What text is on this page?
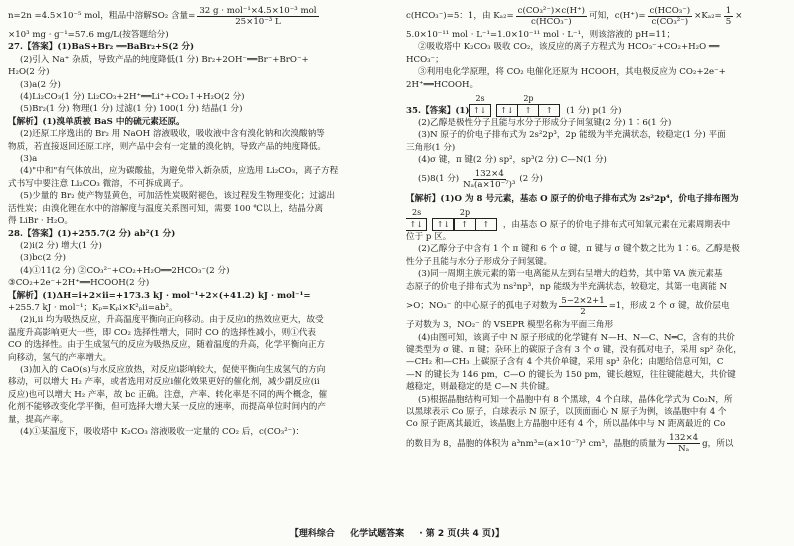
n =2n =4.5×10⁻⁵ mol，粗品中溶解SO₂ 含量= $\frac{\text{32 g · mol⁻¹×4.5×10⁻³ mol}}{\text{25×10⁻³ L}}$
×10³ mg · g⁻¹=57.6 mg/L(按答题给分)
27.【答案】(1)BaS+Br₂ ══BaBr₂+S(2 分)
(2)引入 Na⁺ 杂质，导致产品的纯度降低(1 分) Br₂+2OH⁻══Br⁻+BrO⁻+
H₂O(2 分)
(3)a(2 分)
(4)Li₂CO₃(1 分) Li₂CO₃+2H⁺══Li⁺+CO₂↑+H₂O(2 分)
(5)Br₂(1 分) 物理(1 分) 过滤(1 分) 100(1 分) 结晶(1 分)
【解析】(1)溴单质被 BaS 中的硫元素还原。
(2)还原工序逸出的 Br₂ 用 NaOH 溶液吸收，吸收液中含有溴化钠和次溴酸钠等
物质，若直接返回还原工序，则产品中会有一定量的溴化钠，导致产品的纯度降低。
(3)a
(4)"中和"有气体放出，应为碳酸盐，为避免带入新杂质，应选用 Li₂CO₃，离子方程
式书写中要注意 Li₂CO₃ 微溶，不可拆成离子。
(5)少量的 Br₂ 使产物显黄色，可加活性炭吸附褪色，该过程发生物理变化；过滤出
活性炭；由溴化锂在水中的溶解度与温度关系图可知，需要 100 ℃以上，结晶分离
得 LiBr · H₂O。
28.【答案】(1)+255.7(2 分) ab²(1 分)
(2)ⅰ(2 分) 增大(1 分)
(3)bc(2 分)
(4)①11(2 分) ②CO₃²⁻+CO₂+H₂O══2HCO₃⁻(2 分)
③CO₂+2e⁻+2H⁺══HCOOH(2 分)
【解析】(1)ΔH=ⅰ+2×ⅱ=+173.3 kJ · mol⁻¹+2×(+41.2) kJ · mol⁻¹=
+255.7 kJ · mol⁻¹；Kₚ=Kₚⅰ×K²ₚⅱ=ab²。
(2)ⅰ,ⅱ 均为吸热反应，升高温度平衡向正向移动。由于反应ⅰ的热效应更大，故受
温度升高影响更大一些，即 CO₂ 选择性增大，同时 CO 的选择性减小，则①代表
CO 的选择性。由于生成氢气的反应为吸热反应，随着温度的升高，化学平衡向正方
向移动，氢气的产率增大。
(3)加入的 CaO(s)与水反应放热，对反应ⅰ影响较大，促使平衡向生成氢气的方向
移动，可以增大 H₂ 产率，或者选用对反应ⅰ催化效果更好的催化剂，减少副反应(ⅱ
反应)也可以增大 H₂ 产率，故 bc 正确。注意，产率、转化率是不同的两个概念，催
化剂不能够改变化学平衡，但可选择大增大某一反应的速率，而提高单位时间内的产
量，提高产率。
(4)①某温度下，吸收塔中 K₂CO₃ 溶液吸收一定量的 CO₂ 后，c(CO₃²⁻)：
c(HCO₃⁻)=5：1，由 $K_{a2}= \frac{\text{c(CO₃²⁻)×c(H⁺)}}{\text{c(HCO₃⁻)}}$ 可知，$c(H^+)= \frac{\text{c(HCO₃⁻)}}{\text{c(CO₃²⁻)}} \times K_{a2}= \frac{1}{5}$ ×
5.0×10⁻¹¹ mol · L⁻¹=1.0×10⁻¹¹ mol · L⁻¹，则该溶液的 pH=11；
②吸收塔中 K₂CO₃ 吸收 CO₂，该反应的离子方程式为 HCO₃⁻+CO₂+H₂O ══
HCO₃⁻；
③利用电化学原理，将 CO₂ 电催化还原为 HCOOH，其电极反应为 CO₂+2e⁻+
2H⁺══HCOOH。
35.【答案】(1)
2s
↑↓
2p
↑↓	↑	↑	(1 分) p(1 分)
(2)乙醇是极性分子且能与水分子形成分子间氢键(2 分) 1∶6(1 分)
(3)N 原子的价电子排布式为 2s²2p³，2p 能级为半充满状态，较稳定(1 分) 平面
三角形(1 分)
(4)σ 键，π 键(2 分) sp²，sp³(2 分) C—N(1 分)
(5)8(1 分) $\frac{132\times 4}{\text{Nₐ(a×10⁻⁷)³}} (2$ 分)
【解析】(1)O 为 8 号元素，基态 O 原子的价电子排布式为 2s²2p⁴，价电子排布图为
2s
↑↓
2p
↑↓	↑	↑	，由基态 O 原子的价电子排布式可知氧元素在元素周期表中
位于 p 区。
(2)乙醇分子中含有 1 个 π 键和 6 个 σ 键，π 键与 σ 键个数之比为 1∶6。乙醇是极
性分子且能与水分子形成分子间氢键。
(3)同一周期主族元素的第一电离能从左到右呈增大的趋势，其中第 VA 族元素基
态原子的价电子排布式为 ns²np³，np 能级为半充满状态，较稳定，其第一电离能 N
>O；NO₃⁻ 的中心原子的孤电子对数为 $\frac{5-2\times 2+1}{2} =1$，形成 2 个 σ 键，故价层电
子对数为 3，NO₂⁻ 的 VSEPR 模型名称为平面三角形
(4)由图可知，该离子中 N 原子形成的化学键有 N—H、N—C、N═C，含有的共价
键类型为 σ 键、π 键；杂环上的碳原子含有 3 个 σ 键，没有孤对电子，采用 sp² 杂化，
—CH₂ 和—CH₃ 上碳原子含有 4 个共价单键，采用 sp³ 杂化；由题给信息可知，C
—N 的键长为 146 pm，C—O 的键长为 150 pm，键长越短，往往键能越大，共价键
越稳定，则最稳定的是 C—N 共价键。
(5)根据晶胞结构可知一个晶胞中有 8 个黑球，4 个白球，晶体化学式为 Co₂N，所
以黑球表示 Co 原子，白球表示 N 原子，以顶面面心 N 原子为例，该晶胞中有 4 个
Co 原子距离其最近，该晶胞上方晶胞中还有 4 个，所以晶体中与 N 距离最近的 Co
的数目为 8，晶胞的体积为 a³nm³=(a×10⁻⁷)³ cm³，晶胞的质量为 $\frac{132\times 4}{\text{Nₐ}}$ g，所以
【理科综合 化学试题答案 · 第 2 页(共 4 页)】
